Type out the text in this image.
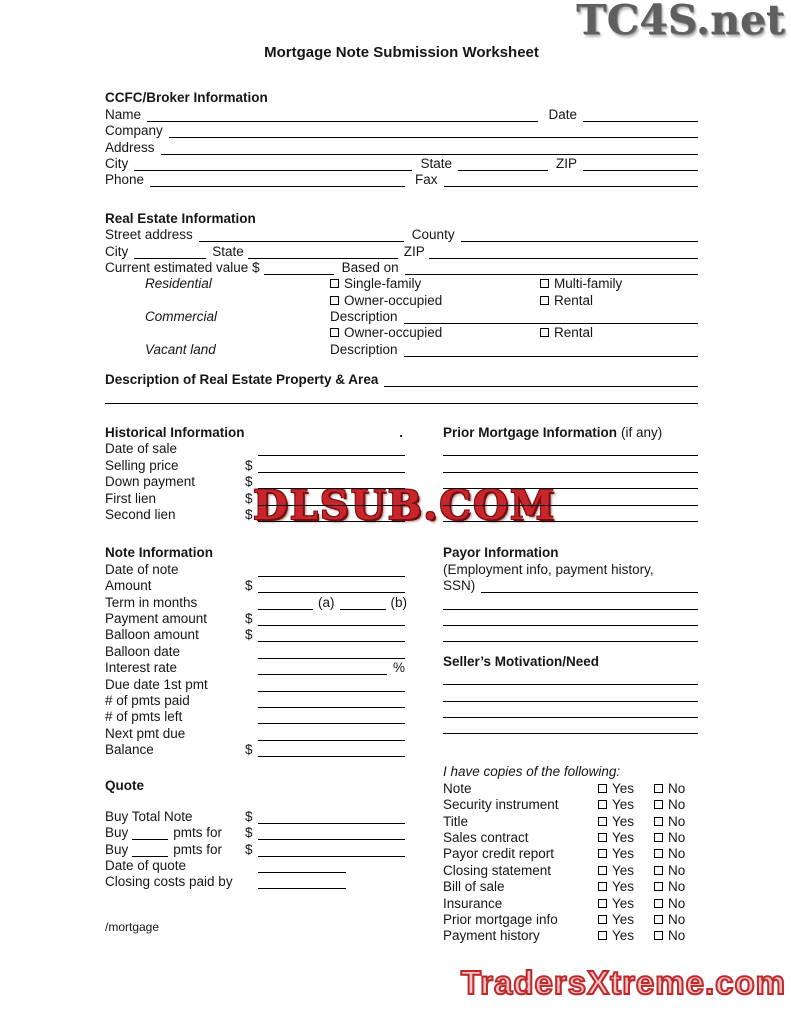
TC4S.net
DLSUB.COM
TradersXtreme.com
Mortgage Note Submission Worksheet
CCFC/Broker Information
Name	Date
Company
Address
City	State	ZIP
Phone	Fax
Real Estate Information
Street address	County
City	State	ZIP
Current estimated value $	Based on
Residential	Single-family	Multi-family
Owner-occupied	Rental
Commercial	Description
Owner-occupied	Rental
Vacant land	Description
Description of Real Estate Property & Area
Historical Information	.
Date of sale
Selling price	$
Down payment	$
First lien	$
Second lien	$
Prior Mortgage Information (if any)
Note Information
Date of note
Amount	$
Term in months	(a)	(b)
Payment amount	$
Balloon amount	$
Balloon date
Interest rate	%
Due date 1st pmt
# of pmts paid
# of pmts left
Next pmt due
Balance	$
Payor Information
(Employment info, payment history,
SSN)
Seller’s Motivation/Need
Quote
Buy Total Note	$
Buy	pmts for $
Buy	pmts for $
Date of quote
Closing costs paid by
/mortgage
I have copies of the following:
Note	Yes	No
Security instrument	Yes	No
Title	Yes	No
Sales contract	Yes	No
Payor credit report	Yes	No
Closing statement	Yes	No
Bill of sale	Yes	No
Insurance	Yes	No
Prior mortgage info	Yes	No
Payment history	Yes	No
